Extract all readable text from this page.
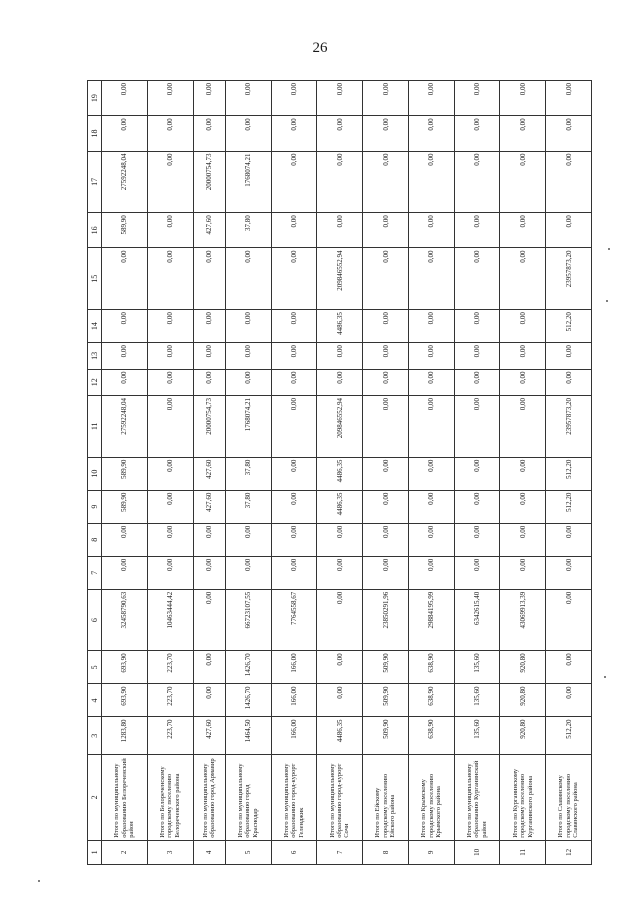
26
1	2	3	4	5	6	7	8	9	10	11	12	13	14	15	16	17	18	19
2	Итого по муниципальному образованию Белореченский район	1283,80	693,90	693,90	32458790,63	0,00	0,00	589,90	589,90	27592248,04	0,00	0,00	0,00	0,00	589,90	27592248,04	0,00	0,00
3	Итого по Белореченскому городскому поселению Белореченского района	223,70	223,70	223,70	10463444,42	0,00	0,00	0,00	0,00	0,00	0,00	0,00	0,00	0,00	0,00	0,00	0,00	0,00
4	Итого по муниципальному образованию город Армавир	427,60	0,00	0,00	0,00	0,00	0,00	427,60	427,60	20000754,73	0,00	0,00	0,00	0,00	427,60	20000754,73	0,00	0,00
5	Итого по муниципальному образованию город Краснодар	1464,50	1426,70	1426,70	66723107,55	0,00	0,00	37,80	37,80	1768074,21	0,00	0,00	0,00	0,00	37,80	1768074,21	0,00	0,00
6	Итого по муниципальному образованию город-курорт Геленджик	166,00	166,00	166,00	7764558,67	0,00	0,00	0,00	0,00	0,00	0,00	0,00	0,00	0,00	0,00	0,00	0,00	0,00
7	Итого по муниципальному образованию город-курорт Сочи	4486,35	0,00	0,00	0,00	0,00	0,00	4486,35	4486,35	209846552,94	0,00	0,00	4486,35	209846552,94	0,00	0,00	0,00	0,00
8	Итого по Ейскому городскому поселению Ейского района	509,90	509,90	509,90	23850291,96	0,00	0,00	0,00	0,00	0,00	0,00	0,00	0,00	0,00	0,00	0,00	0,00	0,00
9	Итого по Крымскому городскому поселению Крымского района	638,90	638,90	638,90	29884195,99	0,00	0,00	0,00	0,00	0,00	0,00	0,00	0,00	0,00	0,00	0,00	0,00	0,00
10	Итого по муниципальному образованию Курганинский район	135,60	135,60	135,60	6342615,40	0,00	0,00	0,00	0,00	0,00	0,00	0,00	0,00	0,00	0,00	0,00	0,00	0,00
11	Итого по Курганинскому городскому поселению Курганинского района	920,80	920,80	920,80	43069913,39	0,00	0,00	0,00	0,00	0,00	0,00	0,00	0,00	0,00	0,00	0,00	0,00	0,00
12	Итого по Славянскому городскому поселению Славянского района	512,20	0,00	0,00	0,00	0,00	0,00	512,20	512,20	23957873,20	0,00	0,00	512,20	23957873,20	0,00	0,00	0,00	0,00
